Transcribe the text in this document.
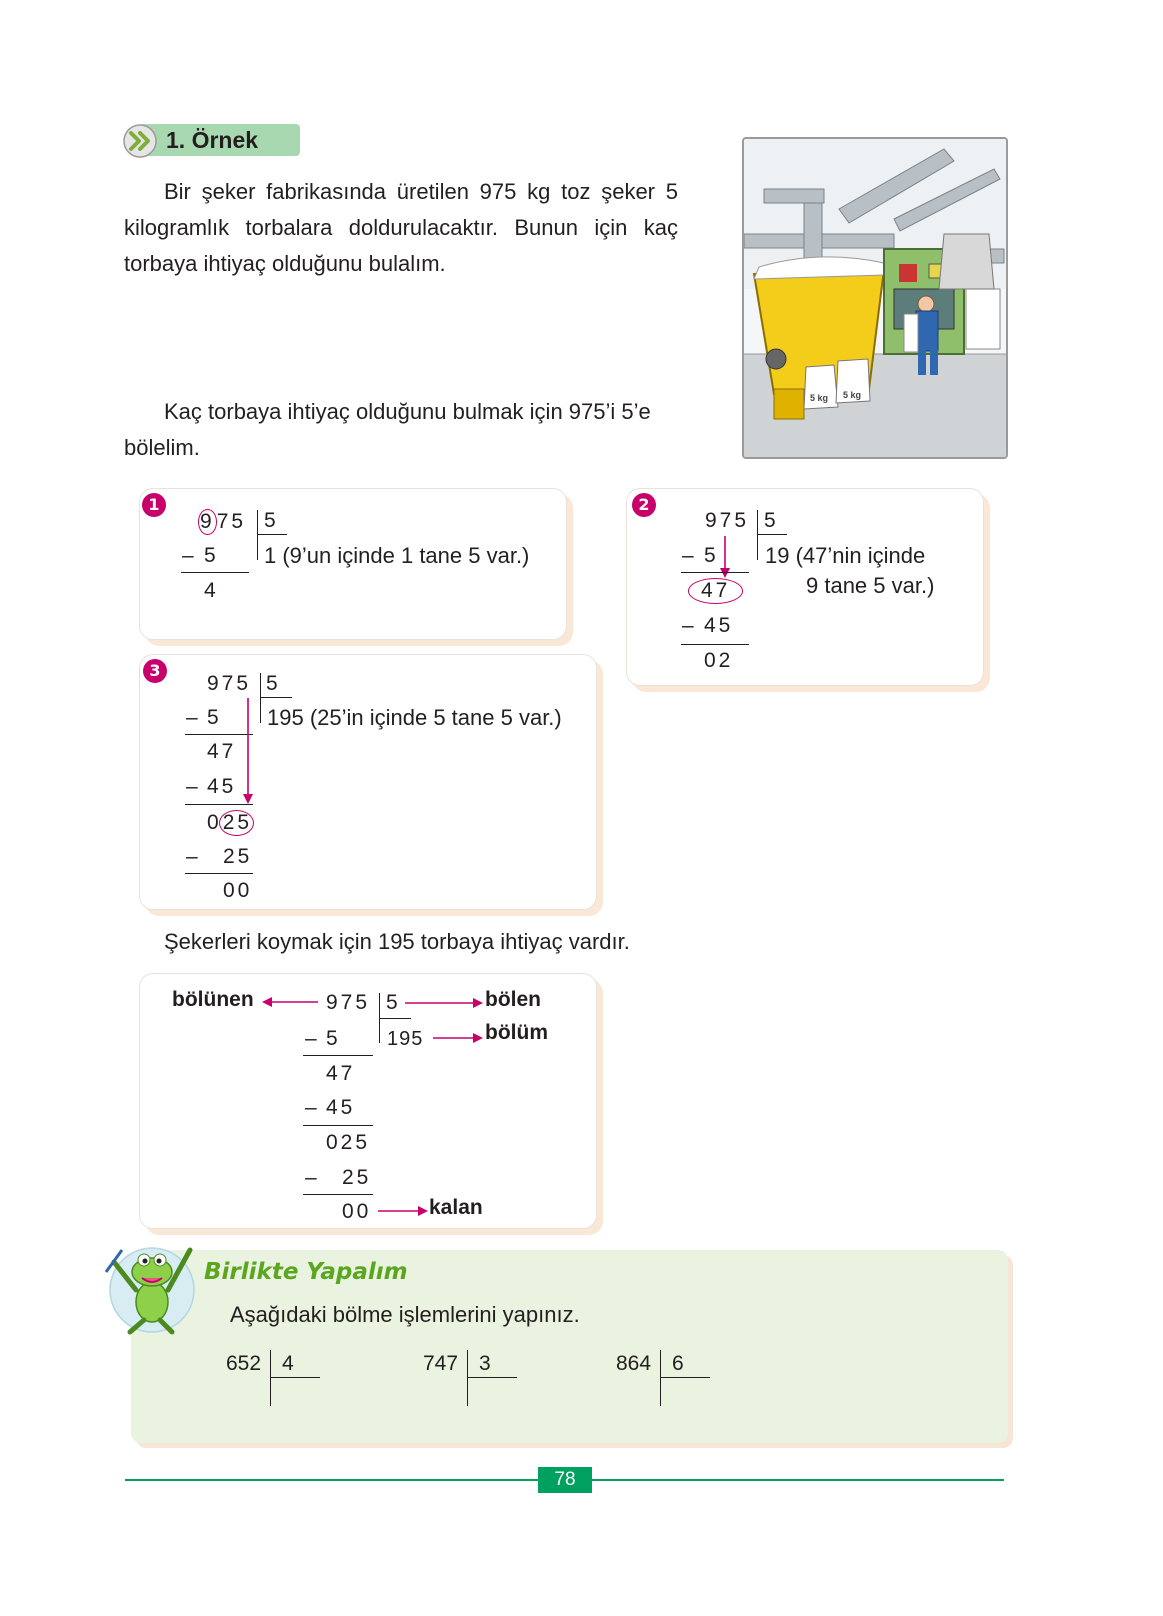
1. Örnek
Bir şeker fabrikasında üretilen 975 kg toz şeker 5 kilogramlık torbalara doldurulacaktır. Bunun için kaç torbaya ihtiyaç olduğunu bulalım.
5 kg 5 kg
Kaç torbaya ihtiyaç olduğunu bulmak için 975’i 5’e bölelim.
1
975 5
– 5
4
1 (9’un içinde 1 tane 5 var.)
2
975 5
– 5
47
– 45
02
19 (47’nin içinde
9 tane 5 var.)
3
975 5
– 5
47
– 45
025
– 25
00
195 (25’in içinde 5 tane 5 var.)
Şekerleri koymak için 195 torbaya ihtiyaç vardır.
bölünen	975 5	bölen
– 5 195	bölüm
47
– 45
025
– 25
00	kalan
Birlikte Yapalım
Aşağıdaki bölme işlemlerini yapınız.
652 4	747 3	864 6
78
